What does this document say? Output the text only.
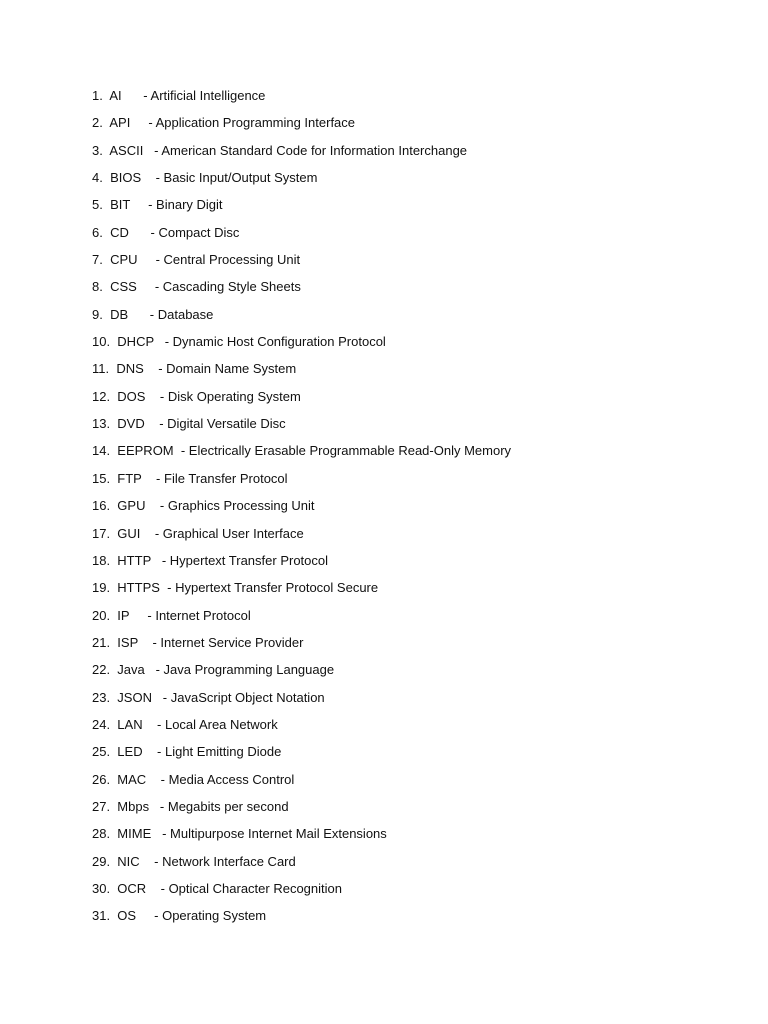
1.  AI      - Artificial Intelligence
2.  API     - Application Programming Interface
3.  ASCII   - American Standard Code for Information Interchange
4.  BIOS    - Basic Input/Output System
5.  BIT     - Binary Digit
6.  CD      - Compact Disc
7.  CPU     - Central Processing Unit
8.  CSS     - Cascading Style Sheets
9.  DB      - Database
10.  DHCP   - Dynamic Host Configuration Protocol
11.  DNS    - Domain Name System
12.  DOS    - Disk Operating System
13.  DVD    - Digital Versatile Disc
14.  EEPROM  - Electrically Erasable Programmable Read-Only Memory
15.  FTP    - File Transfer Protocol
16.  GPU    - Graphics Processing Unit
17.  GUI    - Graphical User Interface
18.  HTTP   - Hypertext Transfer Protocol
19.  HTTPS  - Hypertext Transfer Protocol Secure
20.  IP     - Internet Protocol
21.  ISP    - Internet Service Provider
22.  Java   - Java Programming Language
23.  JSON   - JavaScript Object Notation
24.  LAN    - Local Area Network
25.  LED    - Light Emitting Diode
26.  MAC    - Media Access Control
27.  Mbps   - Megabits per second
28.  MIME   - Multipurpose Internet Mail Extensions
29.  NIC    - Network Interface Card
30.  OCR    - Optical Character Recognition
31.  OS     - Operating System
